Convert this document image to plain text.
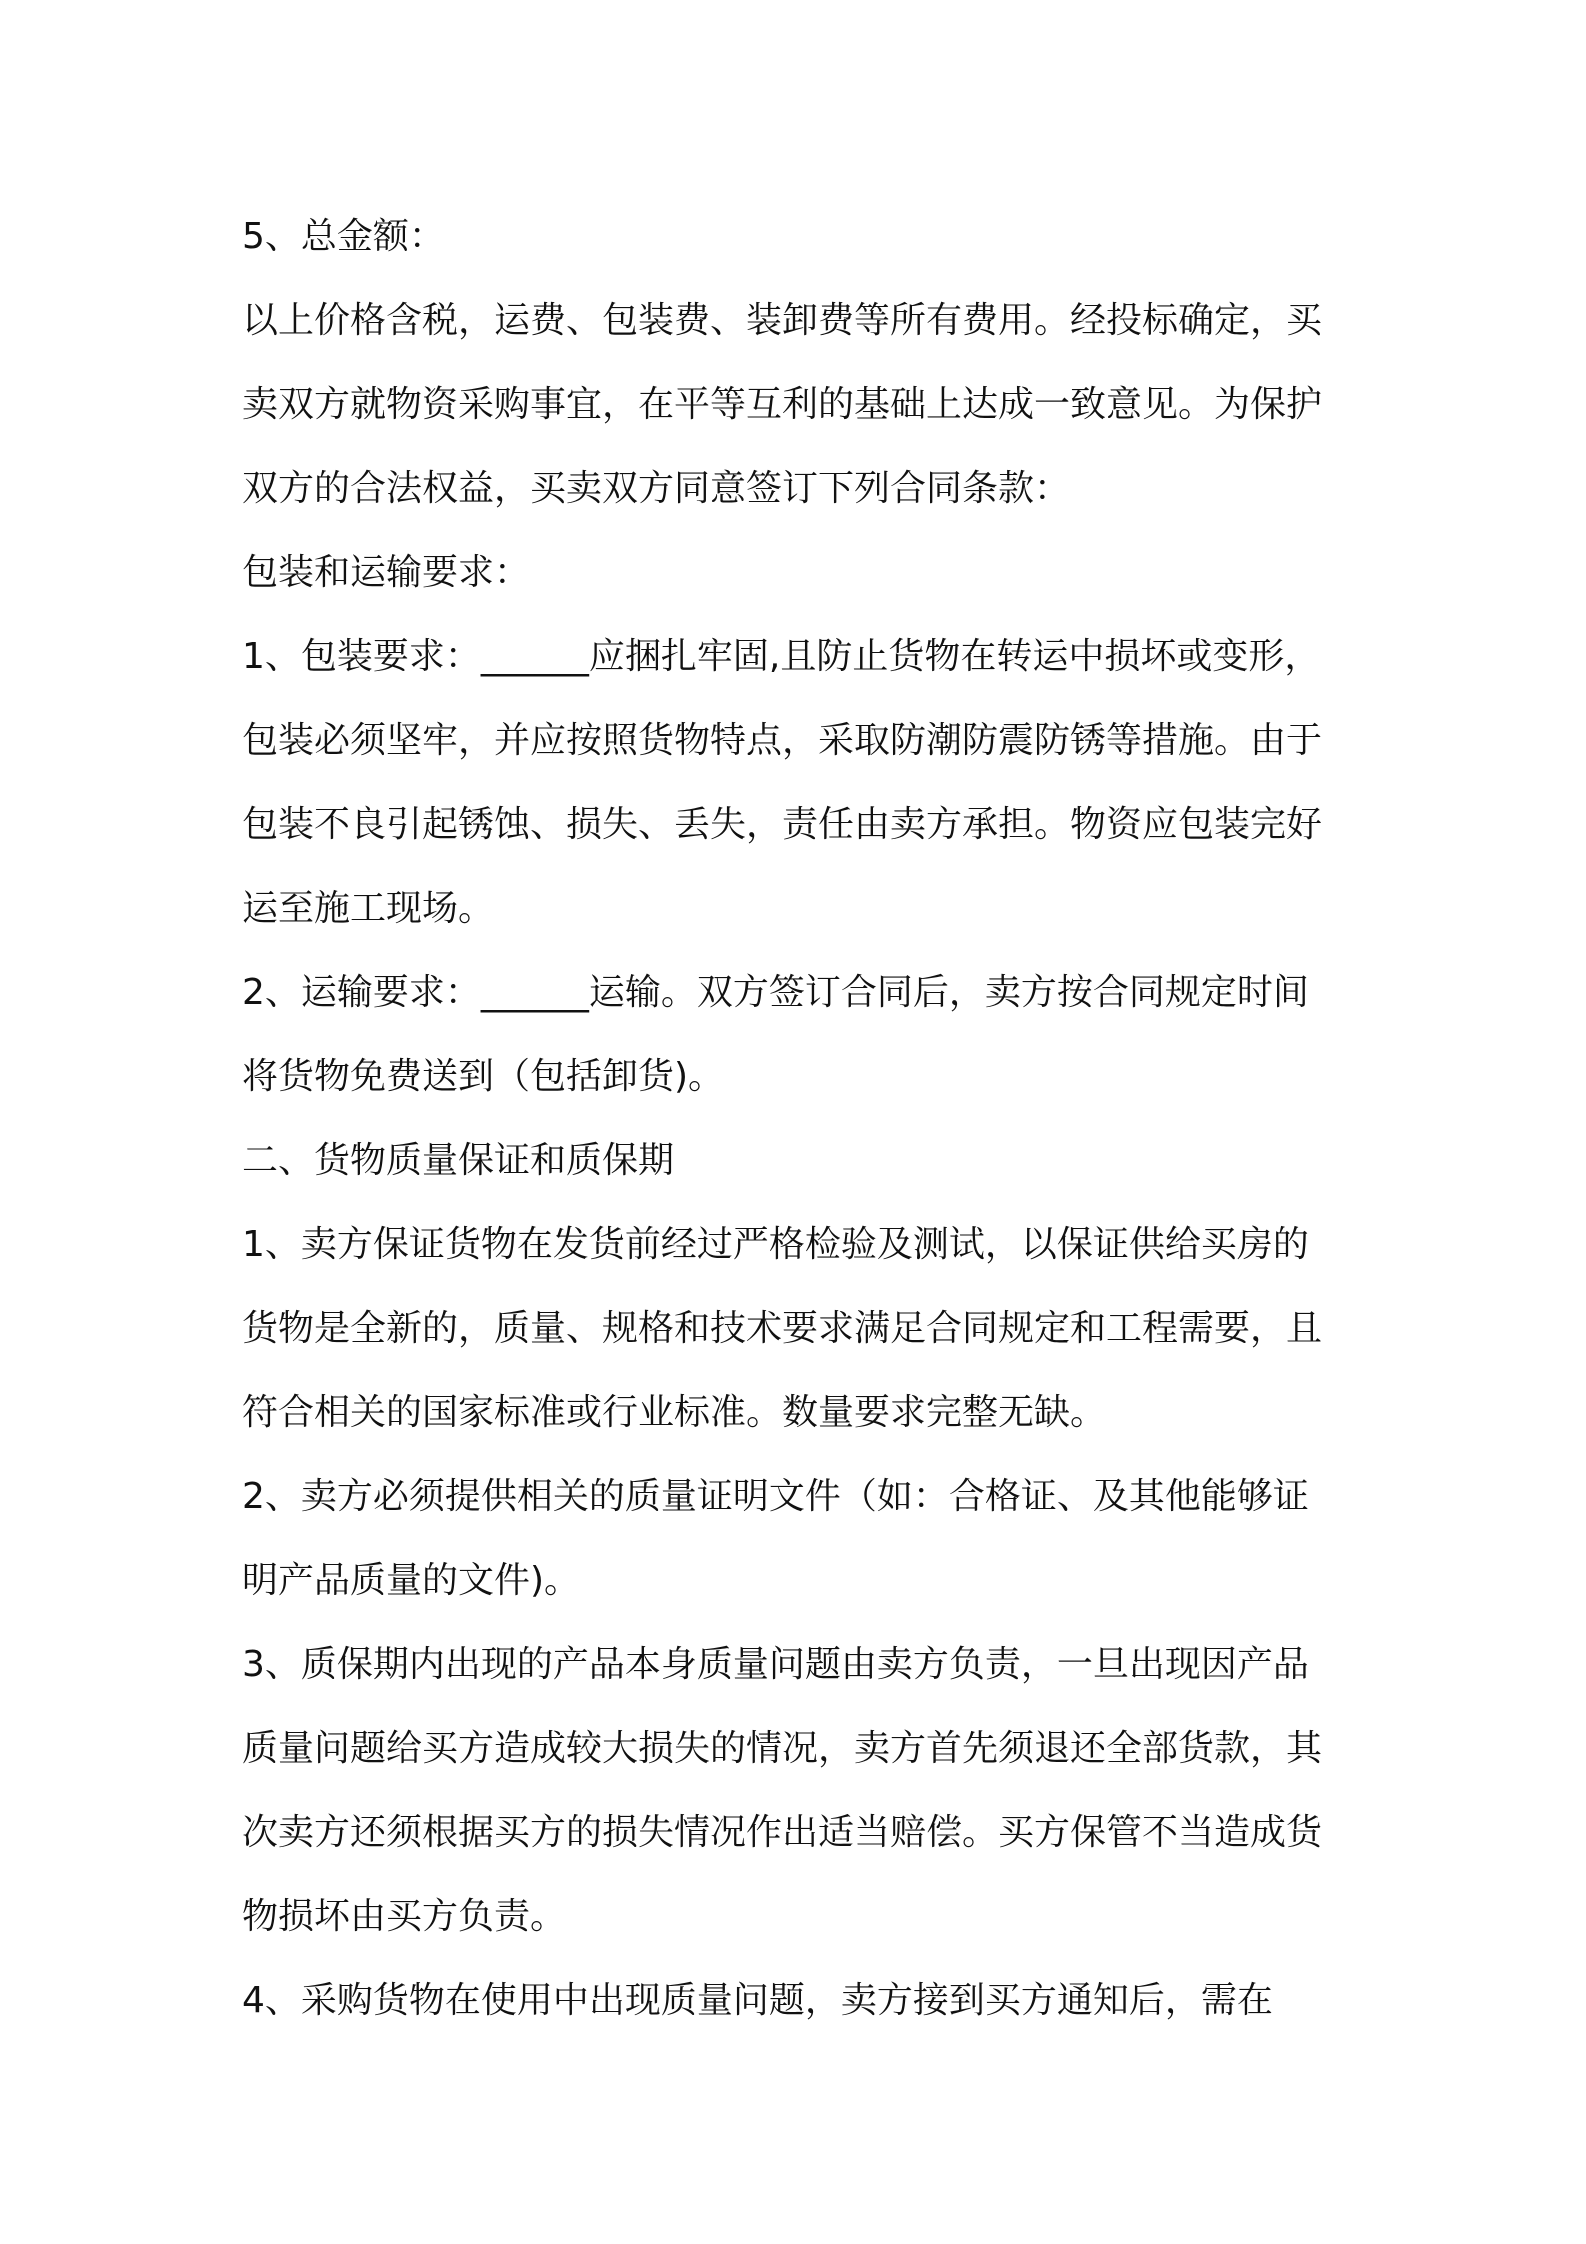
5、总金额：
以上价格含税，运费、包装费、装卸费等所有费用。经投标确定，买
卖双方就物资采购事宜，在平等互利的基础上达成一致意见。为保护
双方的合法权益，买卖双方同意签订下列合同条款：
包装和运输要求：
1、包装要求：______应捆扎牢固,且防止货物在转运中损坏或变形，
包装必须坚牢，并应按照货物特点，采取防潮防震防锈等措施。由于
包装不良引起锈蚀、损失、丢失，责任由卖方承担。物资应包装完好
运至施工现场。
2、运输要求：______运输。双方签订合同后，卖方按合同规定时间
将货物免费送到（包括卸货)。
二、货物质量保证和质保期
1、卖方保证货物在发货前经过严格检验及测试，以保证供给买房的
货物是全新的，质量、规格和技术要求满足合同规定和工程需要，且
符合相关的国家标准或行业标准。数量要求完整无缺。
2、卖方必须提供相关的质量证明文件（如：合格证、及其他能够证
明产品质量的文件)。
3、质保期内出现的产品本身质量问题由卖方负责，一旦出现因产品
质量问题给买方造成较大损失的情况，卖方首先须退还全部货款，其
次卖方还须根据买方的损失情况作出适当赔偿。买方保管不当造成货
物损坏由买方负责。
4、采购货物在使用中出现质量问题，卖方接到买方通知后，需在
